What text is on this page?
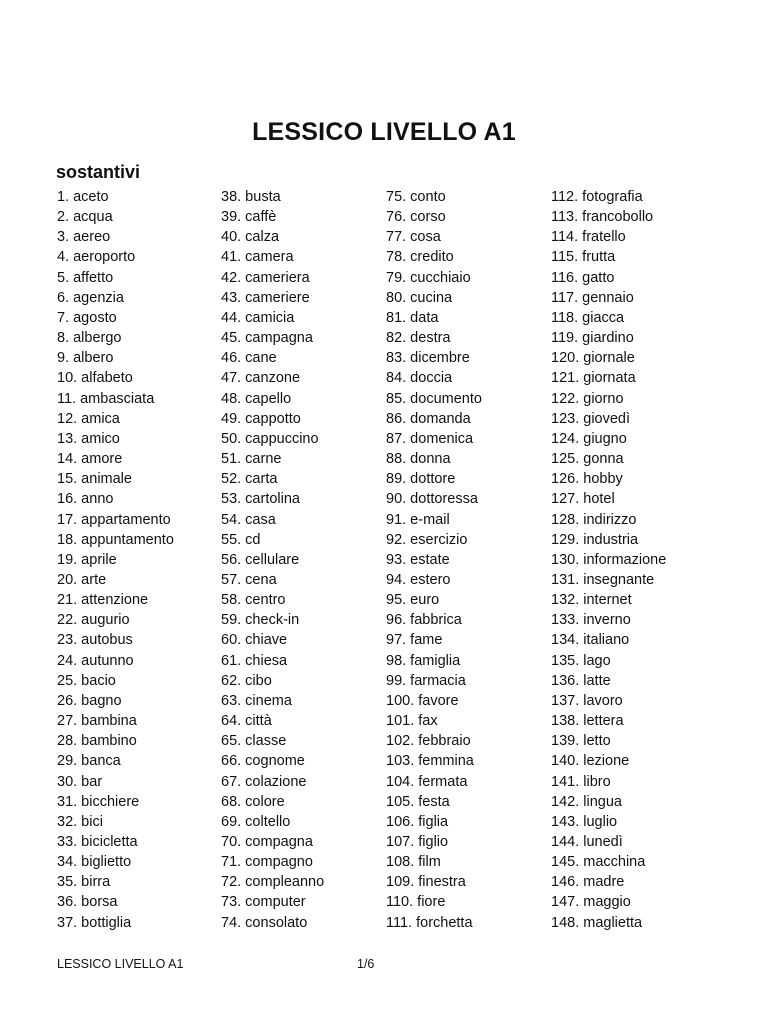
LESSICO LIVELLO A1
sostantivi
1. aceto
2. acqua
3. aereo
4. aeroporto
5. affetto
6. agenzia
7. agosto
8. albergo
9. albero
10. alfabeto
11. ambasciata
12. amica
13. amico
14. amore
15. animale
16. anno
17. appartamento
18. appuntamento
19. aprile
20. arte
21. attenzione
22. augurio
23. autobus
24. autunno
25. bacio
26. bagno
27. bambina
28. bambino
29. banca
30. bar
31. bicchiere
32. bici
33. bicicletta
34. biglietto
35. birra
36. borsa
37. bottiglia
38. busta
39. caffè
40. calza
41. camera
42. cameriera
43. cameriere
44. camicia
45. campagna
46. cane
47. canzone
48. capello
49. cappotto
50. cappuccino
51. carne
52. carta
53. cartolina
54. casa
55. cd
56. cellulare
57. cena
58. centro
59. check-in
60. chiave
61. chiesa
62. cibo
63. cinema
64. città
65. classe
66. cognome
67. colazione
68. colore
69. coltello
70. compagna
71. compagno
72. compleanno
73. computer
74. consolato
75. conto
76. corso
77. cosa
78. credito
79. cucchiaio
80. cucina
81. data
82. destra
83. dicembre
84. doccia
85. documento
86. domanda
87. domenica
88. donna
89. dottore
90. dottoressa
91. e-mail
92. esercizio
93. estate
94. estero
95. euro
96. fabbrica
97. fame
98. famiglia
99. farmacia
100. favore
101. fax
102. febbraio
103. femmina
104. fermata
105. festa
106. figlia
107. figlio
108. film
109. finestra
110. fiore
111. forchetta
112. fotografia
113. francobollo
114. fratello
115. frutta
116. gatto
117. gennaio
118. giacca
119. giardino
120. giornale
121. giornata
122. giorno
123. giovedì
124. giugno
125. gonna
126. hobby
127. hotel
128. indirizzo
129. industria
130. informazione
131. insegnante
132. internet
133. inverno
134. italiano
135. lago
136. latte
137. lavoro
138. lettera
139. letto
140. lezione
141. libro
142. lingua
143. luglio
144. lunedì
145. macchina
146. madre
147. maggio
148. maglietta
LESSICO LIVELLO A1	1/6
